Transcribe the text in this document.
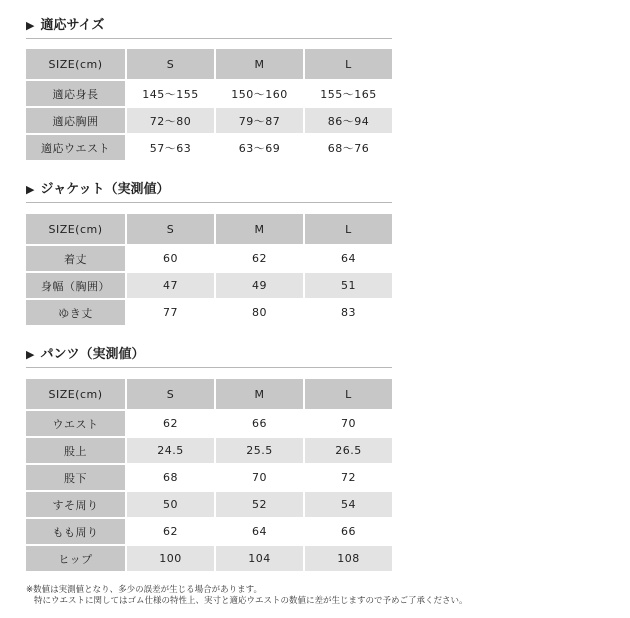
▶ 適応サイズ
SIZE(cm)	S	M	L
適応身長	145〜155	150〜160	155〜165
適応胸囲	72〜80	79〜87	86〜94
適応ウエスト	57〜63	63〜69	68〜76
▶ ジャケット（実測値）
SIZE(cm)	S	M	L
着丈	60	62	64
身幅（胸囲）	47	49	51
ゆき丈	77	80	83
▶ パンツ（実測値）
SIZE(cm)	S	M	L
ウエスト	62	66	70
股上	24.5	25.5	26.5
股下	68	70	72
すそ周り	50	52	54
もも周り	62	64	66
ヒップ	100	104	108
※数値は実測値となり、多少の誤差が生じる場合があります。
特にウエストに関してはゴム仕様の特性上、実寸と適応ウエストの数値に差が生じますので予めご了承ください。
